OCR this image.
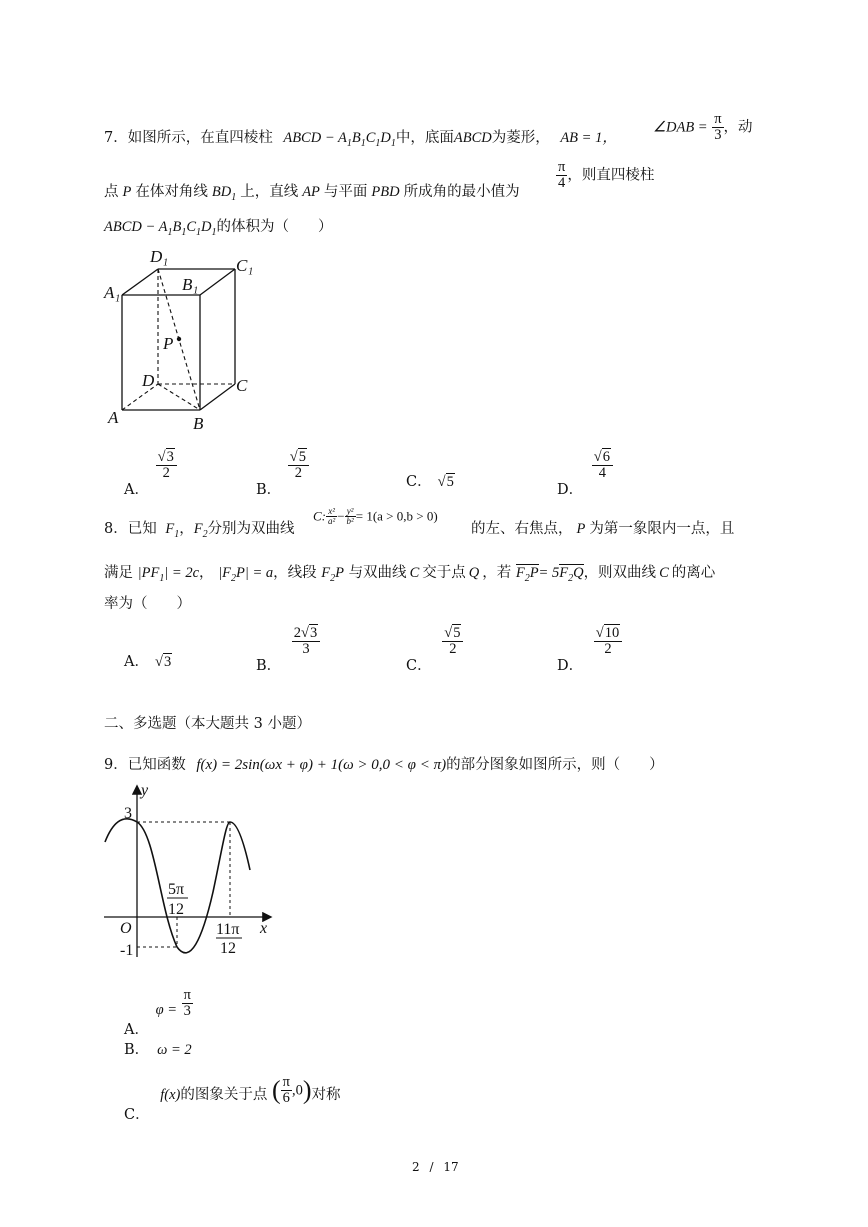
7．如图所示，在直四棱柱 ABCD − $A_1B_1C_1D_1$中，底面ABCD为菱形， AB = 1，
∠DAB = $\frac{\pi}{3}$ ，动
点 P 在体对角线 $BD_1$ 上，直线 AP 与平面 PBD 所成角的最小值为
$\frac{\pi}{4}$ ，则直四棱柱
ABCD − $A_1B_1C_1D_1$的体积为（　　）
D₁	C₁
A₁	B₁
P
D	C
A	B
A．
$\frac{√3}{2}$
B．
$\frac{√5}{2}$
C． √5	D．
$\frac{√6}{4}$
8．已知 $F_1$，$F_2$分别为双曲线
C: $\frac{\text{x²}}{\text{a²}} - \frac{\text{y²}}{\text{b²}} = 1(a > 0,b > 0)$
的左、右焦点， P 为第一象限内一点，且
满足 $|PF_1| = 2c$， $|F_2P| = a$，线段 $F_2P$ 与双曲线 C 交于点 Q ，若 $F_2P= 5F_2Q$，则双曲线 C 的离心
率为（　　）
A． √3	B．
$\frac{2√3}{3}$
C．
$\frac{√5}{2}$
D．
$\frac{√10}{2}$
二、多选题（本大题共 3 小题）
9．已知函数 f(x) = 2sin(ωx + φ) + 1(ω > 0,0 < φ < π)的部分图象如图所示，则（　　）
y
x
O
3
-1
5π
12
11π
12
A． $\varphi = \frac{\pi}{3}$
B． ω = 2
C． f(x)的图象关于点 ( $\frac{\pi}{6} ,0$)对称
2 / 17
